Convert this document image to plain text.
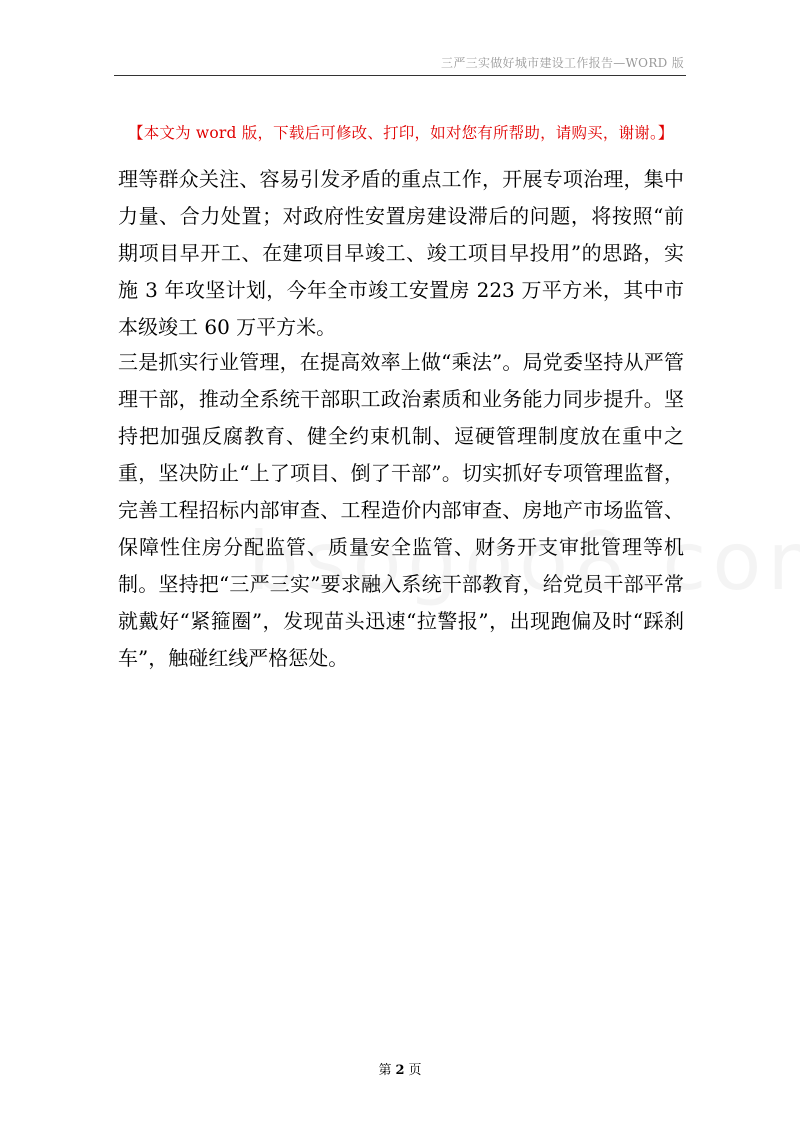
三严三实做好城市建设工作报告—WORD 版
【本文为 word 版，下载后可修改、打印，如对您有所帮助，请购买，谢谢。】

理等群众关注、容易引发矛盾的重点工作，开展专项治理，集中力量、合力处置；对政府性安置房建设滞后的问题，将按照“前期项目早开工、在建项目早竣工、竣工项目早投用”的思路，实施 3 年攻坚计划，今年全市竣工安置房 223 万平方米，其中市本级竣工 60 万平方米。

三是抓实行业管理，在提高效率上做“乘法”。局党委坚持从严管理干部，推动全系统干部职工政治素质和业务能力同步提升。坚持把加强反腐教育、健全约束机制、逗硬管理制度放在重中之重，坚决防止“上了项目、倒了干部”。切实抓好专项管理监督，完善工程招标内部审查、工程造价内部审查、房地产市场监管、保障性住房分配监管、质量安全监管、财务开支审批管理等机制。坚持把“三严三实”要求融入系统干部教育，给党员干部平常就戴好“紧箍圈”，发现苗头迅速“拉警报”，出现跑偏及时“踩刹车”，触碰红线严格惩处。

第 2 页
